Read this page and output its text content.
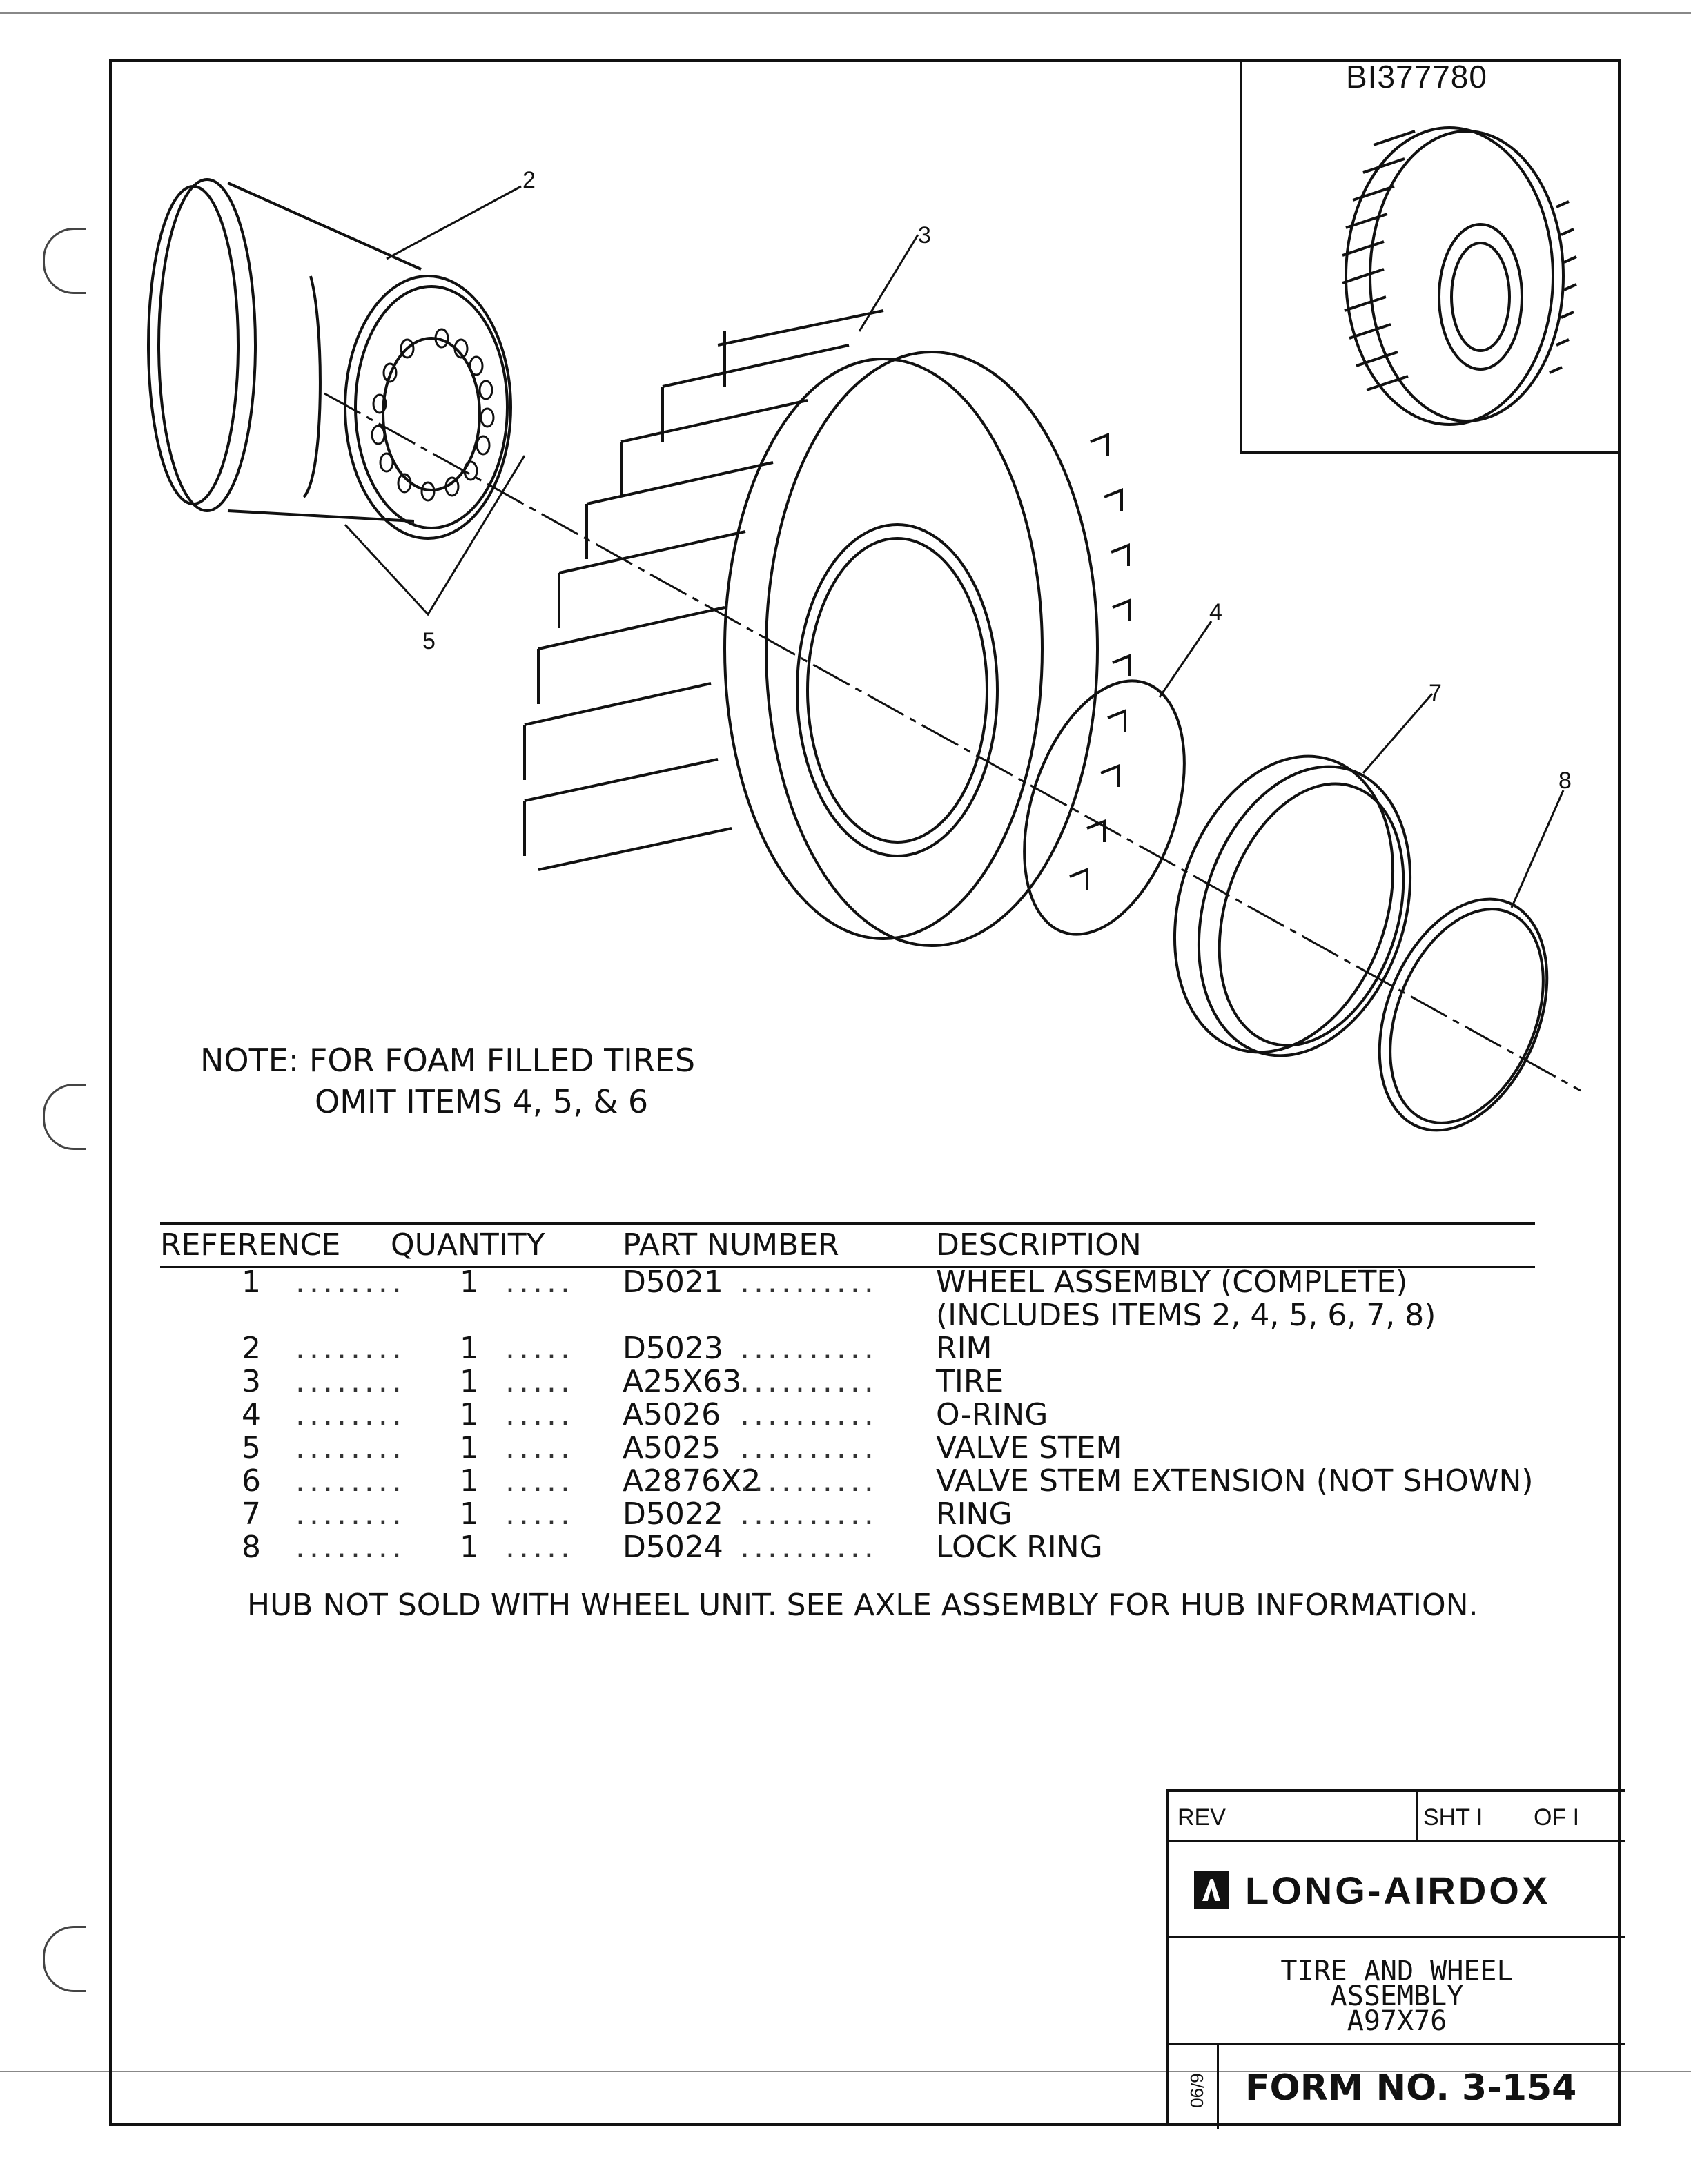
BI377780
2
3
5
4
7
8
NOTE: FOR FOAM FILLED TIRES
OMIT ITEMS 4, 5, & 6
REFERENCE QUANTITY	PART NUMBER	DESCRIPTION
1	1	D5021	WHEEL ASSEMBLY (COMPLETE)
........	.....	..........
(INCLUDES ITEMS 2, 4, 5, 6, 7, 8)
2	1	D5023	RIM
........	.....	..........
3	1	A25X63	TIRE
........	.....	..........
4	1	A5026	O-RING
........	.....	..........
5	1	A5025	VALVE STEM
........	.....	..........
6	1	A2876X2	VALVE STEM EXTENSION (NOT SHOWN)
........	.....	..........
7	1	D5022	RING
........	.....	..........
8	1	D5024	LOCK RING
........	.....	..........
HUB NOT SOLD WITH WHEEL UNIT. SEE AXLE ASSEMBLY FOR HUB INFORMATION.
REV	SHT I OF I
LONG-AIRDOX
TIRE AND WHEEL
ASSEMBLY
A97X76
6/90 FORM NO. 3-154
